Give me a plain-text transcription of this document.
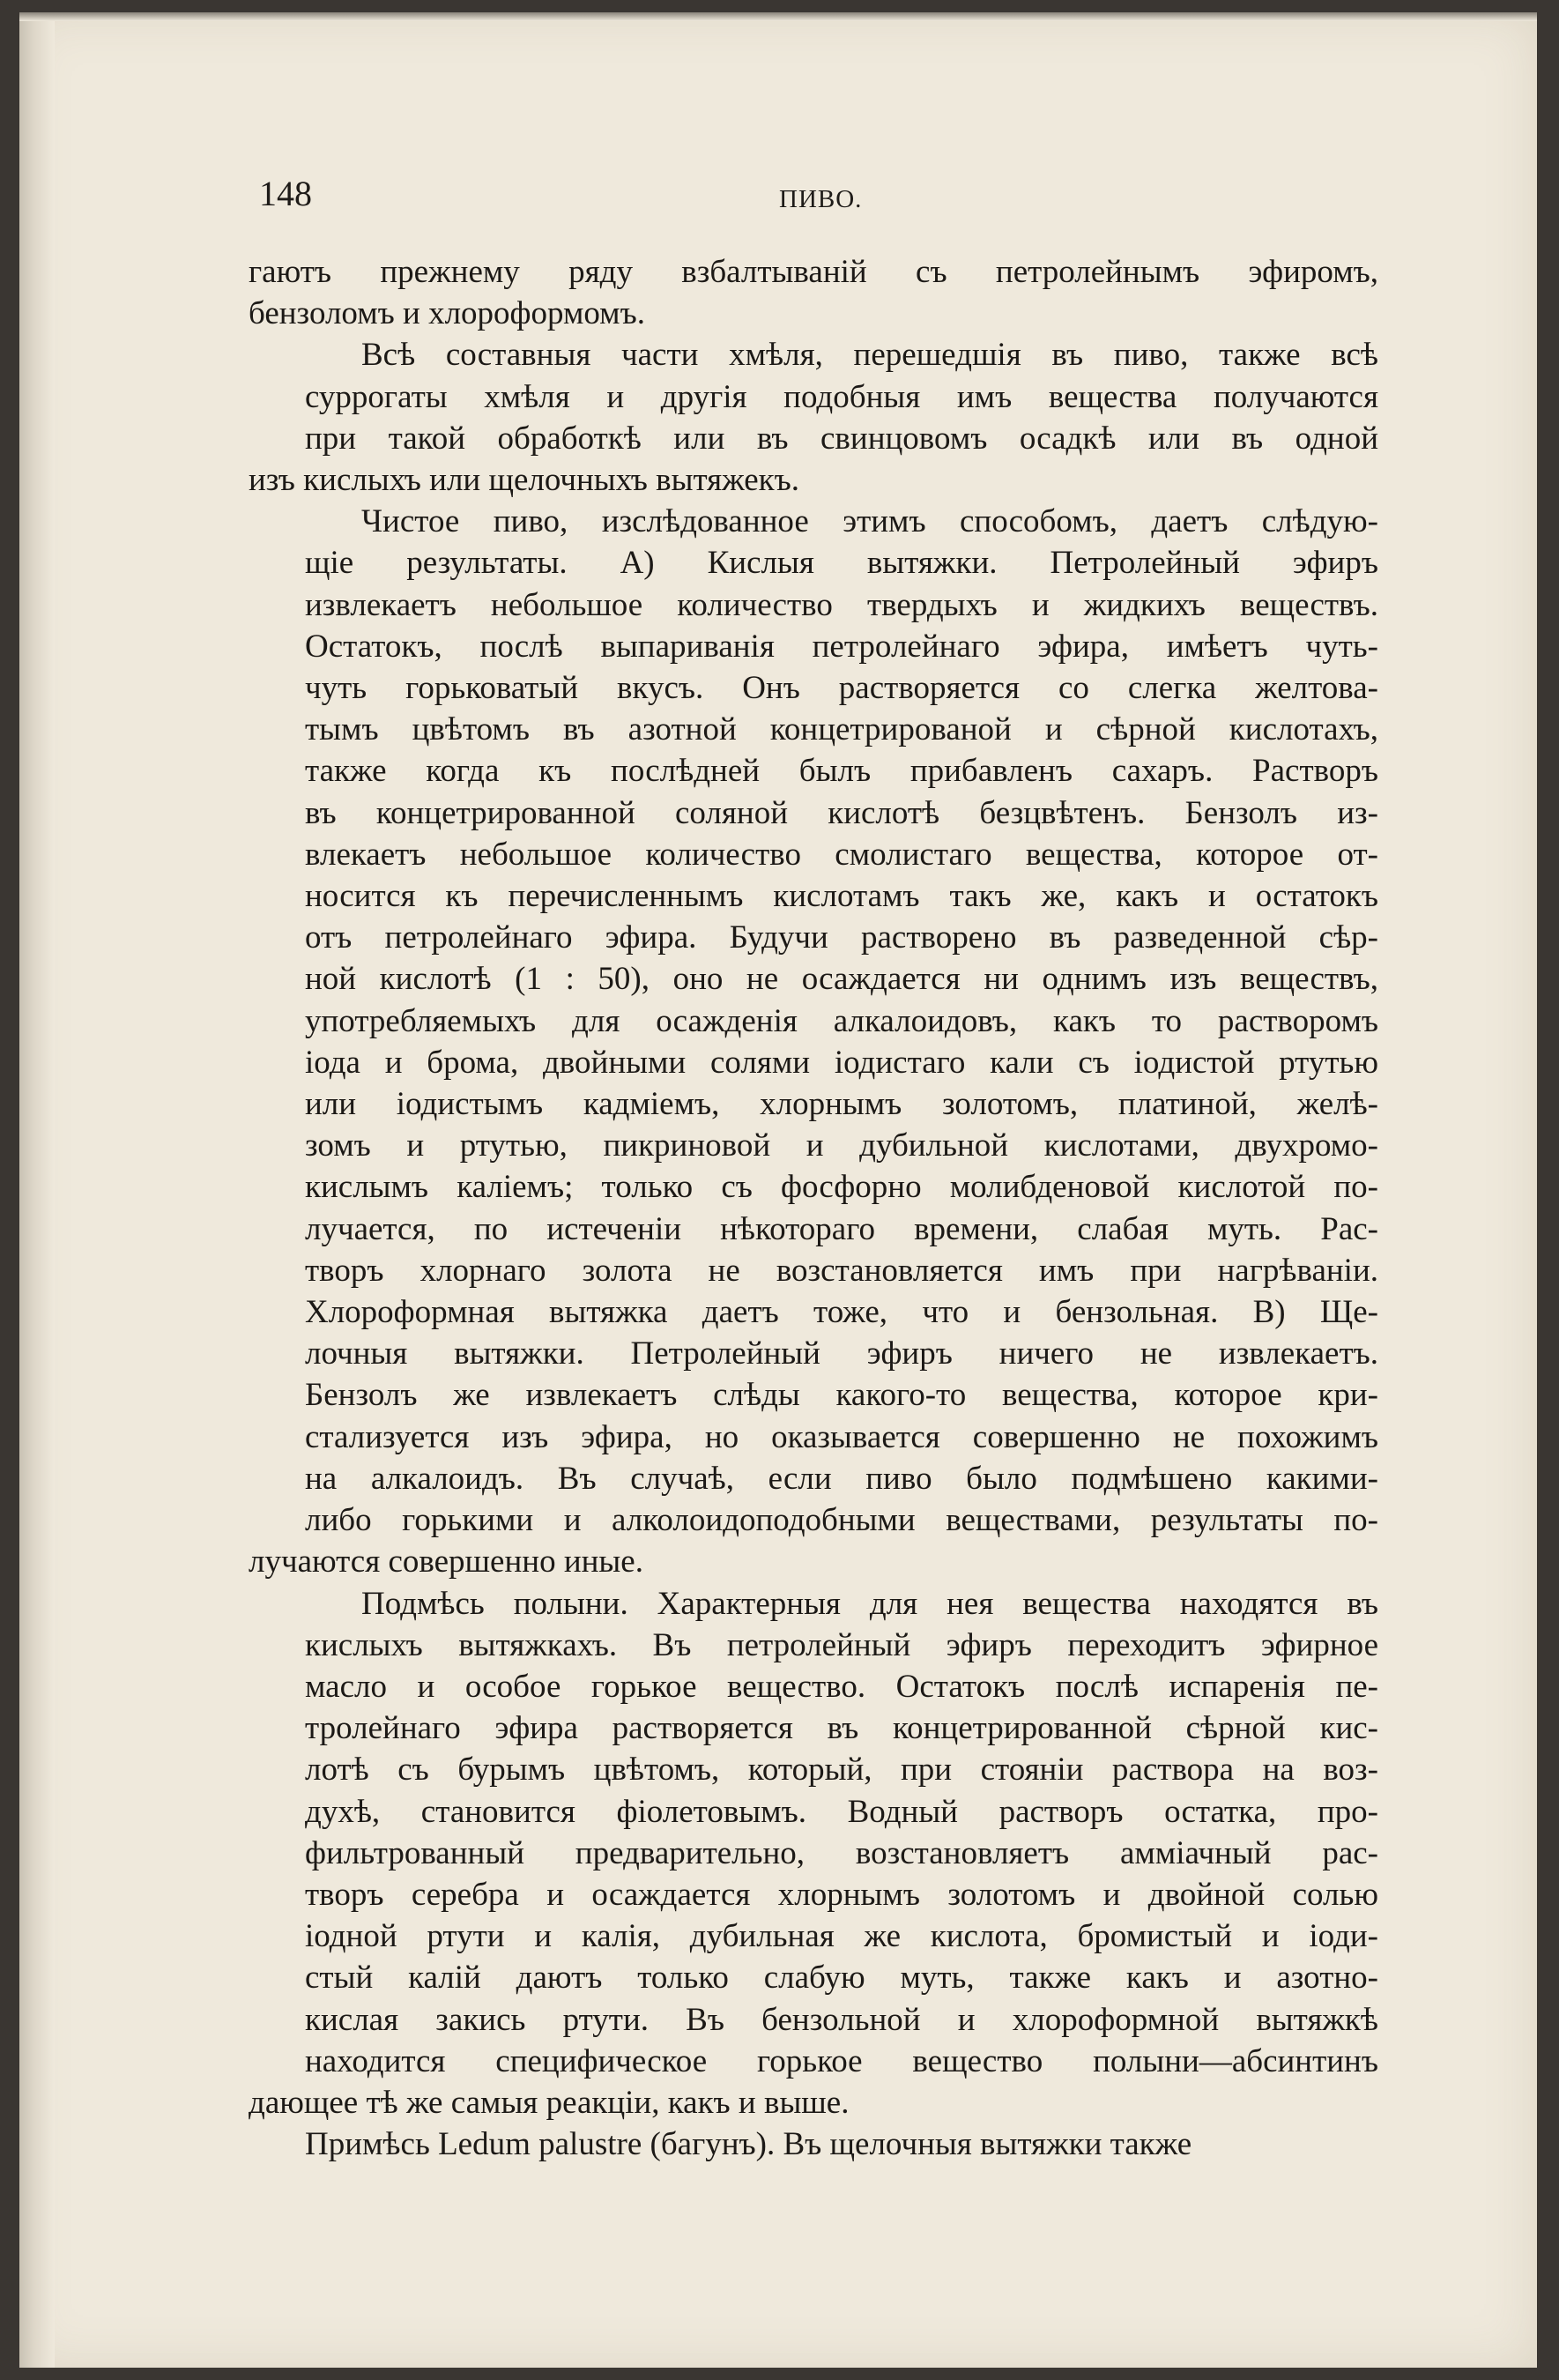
148	ПИВО.

гаютъ прежнему ряду взбалтываній съ петролейнымъ эфиромъ,
бензоломъ и хлороформомъ.

Всѣ составныя части хмѣля, перешедшія въ пиво, также всѣ
суррогаты хмѣля и другія подобныя имъ вещества получаются
при такой обработкѣ или въ свинцовомъ осадкѣ или въ одной
изъ кислыхъ или щелочныхъ вытяжекъ.

Чистое пиво, изслѣдованное этимъ способомъ, даетъ слѣдую-
щіе результаты. А) Кислыя вытяжки. Петролейный эфиръ
извлекаетъ небольшое количество твердыхъ и жидкихъ веществъ.
Остатокъ, послѣ выпариванія петролейнаго эфира, имѣетъ чуть-
чуть горьковатый вкусъ. Онъ растворяется со слегка желтова-
тымъ цвѣтомъ въ азотной концетрированой и сѣрной кислотахъ,
также когда къ послѣдней былъ прибавленъ сахаръ. Растворъ
въ концетрированной соляной кислотѣ безцвѣтенъ. Бензолъ из-
влекаетъ небольшое количество смолистаго вещества, которое от-
носится къ перечисленнымъ кислотамъ такъ же, какъ и остатокъ
отъ петролейнаго эфира. Будучи растворено въ разведенной сѣр-
ной кислотѣ (1 : 50), оно не осаждается ни однимъ изъ веществъ,
употребляемыхъ для осажденія алкалоидовъ, какъ то растворомъ
іода и брома, двойными солями іодистаго кали съ іодистой ртутью
или іодистымъ кадміемъ, хлорнымъ золотомъ, платиной, желѣ-
зомъ и ртутью, пикриновой и дубильной кислотами, двухромо-
кислымъ каліемъ; только съ фосфорно молибденовой кислотой по-
лучается, по истеченіи нѣкотораго времени, слабая муть. Рас-
творъ хлорнаго золота не возстановляется имъ при нагрѣваніи.
Хлороформная вытяжка даетъ тоже, что и бензольная. В) Ще-
лочныя вытяжки. Петролейный эфиръ ничего не извлекаетъ.
Бензолъ же извлекаетъ слѣды какого-то вещества, которое кри-
стализуется изъ эфира, но оказывается совершенно не похожимъ
на алкалоидъ. Въ случаѣ, если пиво было подмѣшено какими-
либо горькими и алколоидоподобными веществами, результаты по-
лучаются совершенно иные.

Подмѣсь полыни. Характерныя для нея вещества находятся въ
кислыхъ вытяжкахъ. Въ петролейный эфиръ переходитъ эфирное
масло и особое горькое вещество. Остатокъ послѣ испаренія пе-
тролейнаго эфира растворяется въ концетрированной сѣрной кис-
лотѣ съ бурымъ цвѣтомъ, который, при стояніи раствора на воз-
духѣ, становится фіолетовымъ. Водный растворъ остатка, про-
фильтрованный предварительно, возстановляетъ амміачный рас-
творъ серебра и осаждается хлорнымъ золотомъ и двойной солью
іодной ртути и калія, дубильная же кислота, бромистый и іоди-
стый калій даютъ только слабую муть, также какъ и азотно-
кислая закись ртути. Въ бензольной и хлороформной вытяжкѣ
находится специфическое горькое вещество полыни—абсинтинъ
дающее тѣ же самыя реакціи, какъ и выше.

Примѣсь Ledum palustre (багунъ). Въ щелочныя вытяжки также
